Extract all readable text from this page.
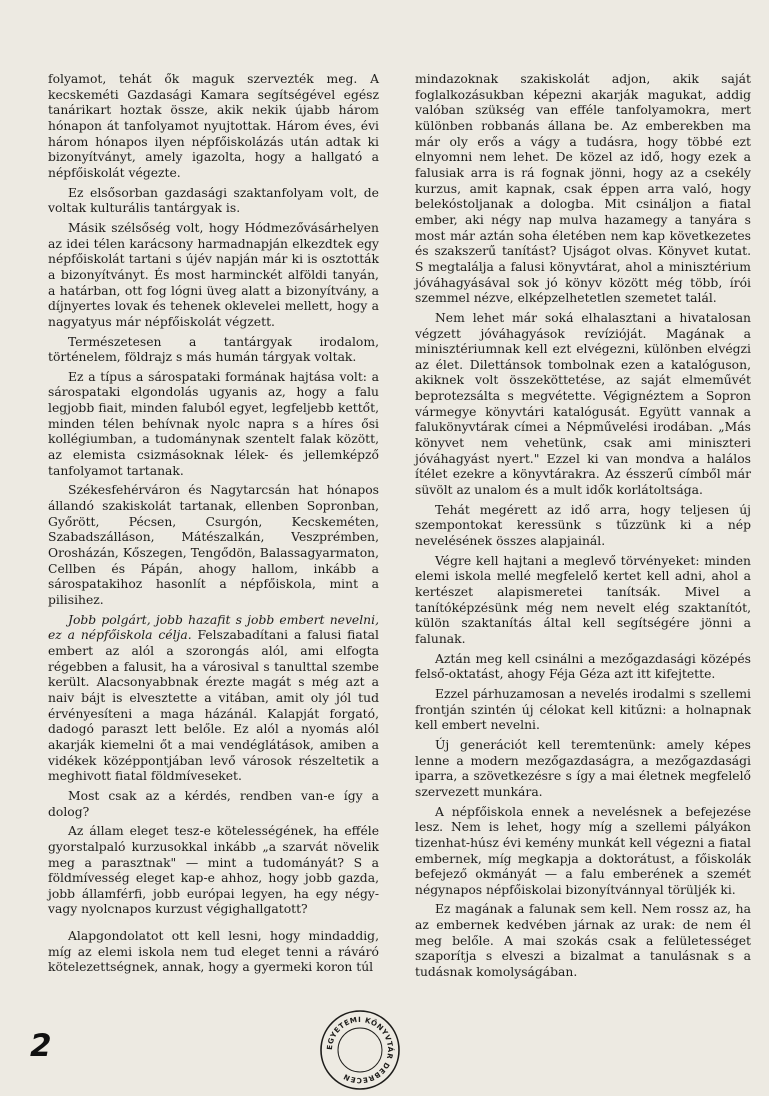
folyamot, tehát ők maguk szervezték meg. A kecskeméti Gazdasági Kamara segítségével egész tanárikart hoztak össze, akik nekik újabb három hónapon át tanfolyamot nyujtottak. Három éves, évi három hónapos ilyen népfőiskolázás után adtak ki bizonyítványt, amely igazolta, hogy a hallgató a népfőiskolát végezte.

Ez elsősorban gazdasági szaktanfolyam volt, de voltak kulturális tantárgyak is.

Másik szélsőség volt, hogy Hódmezővásárhelyen az idei télen karácsony harmadnapján elkezdtek egy népfőiskolát tartani s újév napján már ki is osztották a bizonyítványt. És most harminckét alföldi tanyán, a határban, ott fog lógni üveg alatt a bizonyítvány, a díjnyertes lovak és tehenek oklevelei mellett, hogy a nagyatyus már népfőiskolát végzett.

Természetesen a tantárgyak irodalom, történelem, földrajz s más humán tárgyak voltak.

Ez a típus a sárospataki formának hajtása volt: a sárospataki elgondolás ugyanis az, hogy a falu legjobb fiait, minden faluból egyet, legfeljebb kettőt, minden télen behívnak nyolc napra s a híres ősi kollégiumban, a tudománynak szentelt falak között, az elemista csizmásoknak lélek- és jellemképző tanfolyamot tartanak.

Székesfehérváron és Nagytarcsán hat hónapos állandó szakiskolát tartanak, ellenben Sopronban, Győrött, Pécsen, Csurgón, Kecskeméten, Szabadszálláson, Mátészalkán, Veszprémben, Orosházán, Kőszegen, Tengődön, Balassagyarmaton, Cellben és Pápán, ahogy hallom, inkább a sárospatakihoz hasonlít a népfőiskola, mint a pilisihez.

Jobb polgárt, jobb hazafit s jobb embert nevelni, ez a népfőiskola célja. Felszabadítani a falusi fiatal embert az alól a szorongás alól, ami elfogta régebben a falusit, ha a városival s tanulttal szembe került. Alacsonyabbnak érezte magát s még azt a naiv bájt is elvesztette a vitában, amit oly jól tud érvényesíteni a maga házánál. Kalapját forgató, dadogó paraszt lett belőle. Ez alól a nyomás alól akarják kiemelni őt a mai vendéglátások, amiben a vidékek középpontjában levő városok részeltetik a meghivott fiatal földmíveseket.

Most csak az a kérdés, rendben van-e így a dolog?

Az állam eleget tesz-e kötelességének, ha efféle gyorstalpaló kurzusokkal inkább „a szarvát növelik meg a parasztnak" — mint a tudományát? S a földmívesség eleget kap-e ahhoz, hogy jobb gazda, jobb államférfi, jobb európai legyen, ha egy négy- vagy nyolcnapos kurzust végighallgatott?

Alapgondolatot ott kell lesni, hogy mindaddig, míg az elemi iskola nem tud eleget tenni a ráváró kötelezettségnek, annak, hogy a gyermeki koron túl

mindazoknak szakiskolát adjon, akik saját foglalkozásukban képezni akarják magukat, addig valóban szükség van efféle tanfolyamokra, mert különben robbanás állana be. Az emberekben ma már oly erős a vágy a tudásra, hogy többé ezt elnyomni nem lehet. De közel az idő, hogy ezek a falusiak arra is rá fognak jönni, hogy az a csekély kurzus, amit kapnak, csak éppen arra való, hogy belekóstoljanak a dologba. Mit csináljon a fiatal ember, aki négy nap mulva hazamegy a tanyára s most már aztán soha életében nem kap következetes és szakszerű tanítást? Ujságot olvas. Könyvet kutat. S megtalálja a falusi könyvtárat, ahol a minisztérium jóváhagyásával sok jó könyv között még több, írói szemmel nézve, elképzelhetetlen szemetet talál.

Nem lehet már soká elhalasztani a hivatalosan végzett jóváhagyások revízióját. Magának a minisztériumnak kell ezt elvégezni, különben elvégzi az élet. Dilettánsok tombolnak ezen a katalóguson, akiknek volt összeköttetése, az saját elmeművét beprotezsálta s megvétette. Végignéztem a Sopron vármegye könyvtári katalógusát. Együtt vannak a falukönyvtárak címei a Népművelési irodában. „Más könyvet nem vehetünk, csak ami miniszteri jóváhagyást nyert." Ezzel ki van mondva a halálos ítélet ezekre a könyvtárakra. Az ésszerű címből már süvölt az unalom és a mult idők korlátoltsága.

Tehát megérett az idő arra, hogy teljesen új szempontokat keressünk s tűzzünk ki a nép nevelésének összes alapjainál.

Végre kell hajtani a meglevő törvényeket: minden elemi iskola mellé megfelelő kertet kell adni, ahol a kertészet alapismeretei tanítsák. Mivel a tanítóképzésünk még nem nevelt elég szaktanítót, külön szaktanítás által kell segítségére jönni a falunak.

Aztán meg kell csinálni a mezőgazdasági középés felső-oktatást, ahogy Féja Géza azt itt kifejtette.

Ezzel párhuzamosan a nevelés irodalmi s szellemi frontján szintén új célokat kell kitűzni: a holnapnak kell embert nevelni.

Új generációt kell teremtenünk: amely képes lenne a modern mezőgazdaságra, a mezőgazdasági iparra, a szövetkezésre s így a mai életnek megfelelő szervezett munkára.

A népfőiskola ennek a nevelésnek a befejezése lesz. Nem is lehet, hogy míg a szellemi pályákon tizenhat-húsz évi kemény munkát kell végezni a fiatal embernek, míg megkapja a doktorátust, a főiskolák befejező okmányát — a falu emberének a szemét négynapos népfőiskolai bizonyítvánnyal törüljék ki.

Ez magának a falunak sem kell. Nem rossz az, ha az embernek kedvében járnak az urak: de nem él meg belőle. A mai szokás csak a felületességet szaporítja s elveszi a bizalmat a tanulásnak s a tudásnak komolyságában.

2	EGYETEMI KÖNYVTÁR DEBRECEN
